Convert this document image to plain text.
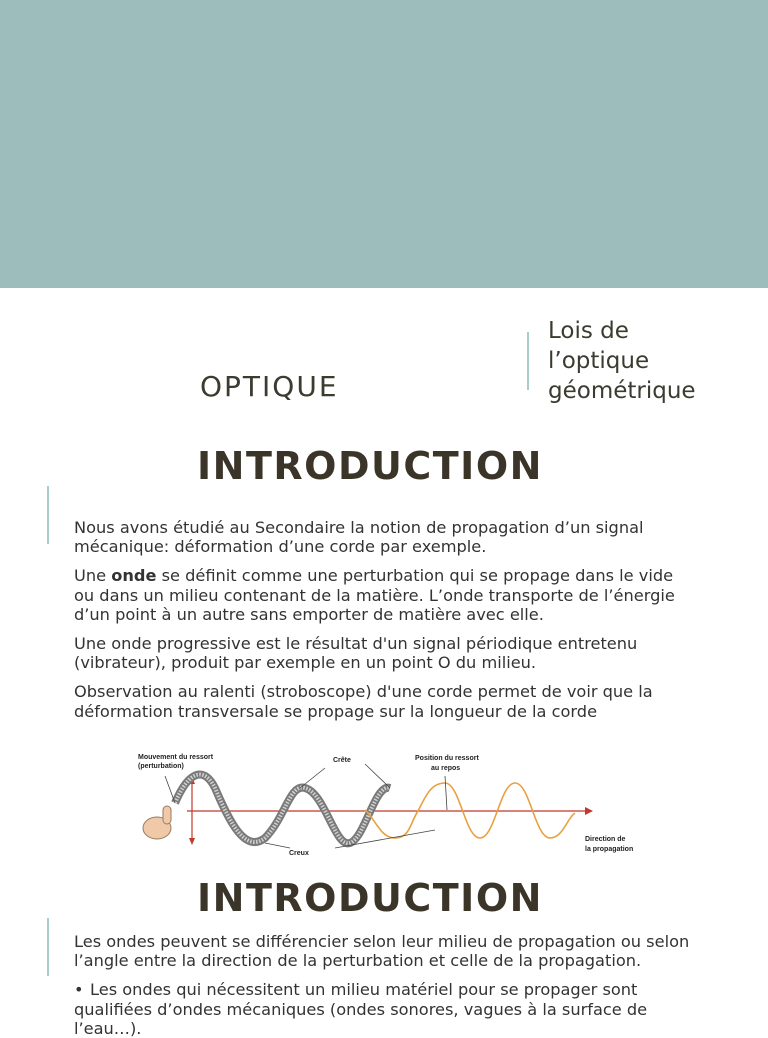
OPTIQUE
Lois de
l’optique
géométrique
INTRODUCTION

Nous avons étudié au Secondaire la notion de propagation d’un signal mécanique: déformation d’une corde par exemple.

Une onde se définit comme une perturbation qui se propage dans le vide ou dans un milieu contenant de la matière. L’onde transporte de l’énergie d’un point à un autre sans emporter de matière avec elle.

Une onde progressive est le résultat d'un signal périodique entretenu (vibrateur), produit par exemple en un point O du milieu.

Observation au ralenti (stroboscope) d'une corde permet de voir que la déformation transversale se propage sur la longueur de la corde

Mouvement du ressort
(perturbation)
Crête	Position du ressort
au repos
Creux
Direction de
la propagation
INTRODUCTION

Les ondes peuvent se différencier selon leur milieu de propagation ou selon l’angle entre la direction de la perturbation et celle de la propagation.

• Les ondes qui nécessitent un milieu matériel pour se propager sont qualifiées d’ondes mécaniques (ondes sonores, vagues à la surface de l’eau…).
